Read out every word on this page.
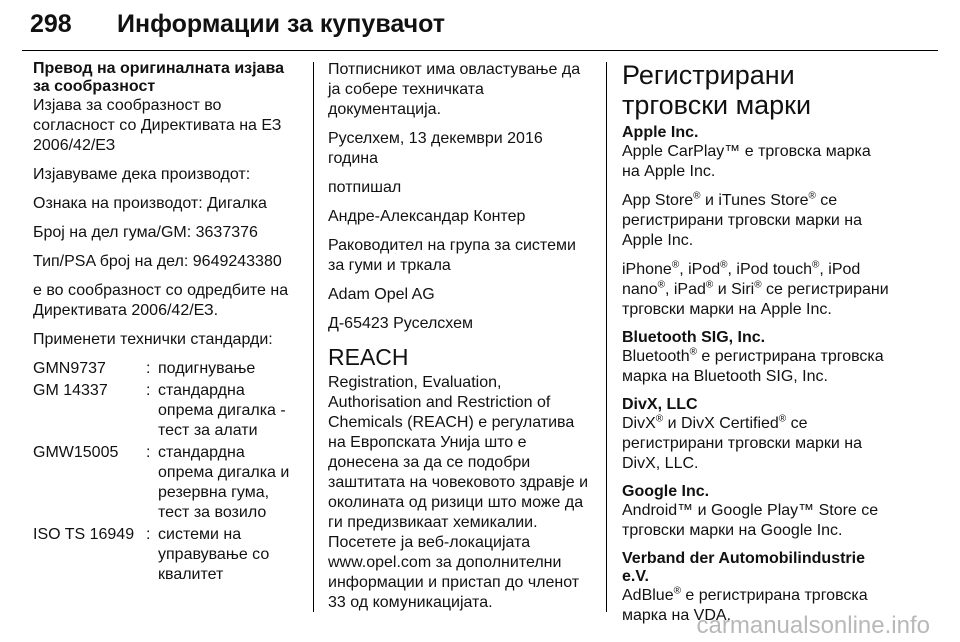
298 Информации за купувачот
Превод на оригиналната изјава за сообразност

Изјава за сообразност во согласност со Директивата на ЕЗ 2006/42/ЕЗ

Изјавуваме дека производот:

Ознака на производот: Дигалка

Број на дел гума/GM: 3637376

Тип/PSA број на дел: 9649243380

е во сообразност со одредбите на Директивата 2006/42/ЕЗ.

Применети технички стандарди:

GMN9737	: подигнување
GM 14337	: стандардна опрема дигалка - тест за алати
GMW15005	: стандардна опрема дигалка и резервна гума, тест за возило
ISO TS 16949 : системи на управување со квалитет

Потписникот има овластување да ја собере техничката документација.

Руселхем, 13 декември 2016 година

потпишал

Андре-Александар Контер

Раководител на група за системи за гуми и тркала

Adam Opel AG

Д-65423 Руселсхем

REACH

Registration, Evaluation, Authorisation and Restriction of Chemicals (REACH) е регулатива на Европската Унија што е донесена за да се подобри заштитата на човековото здравје и околината од ризици што може да ги предизвикаат хемикалии. Посетете ја веб-локацијата www.opel.com за дополнителни информации и пристап до членот 33 од комуникацијата.

Регистрирани трговски марки
Apple Inc.

Apple CarPlay™ е трговска марка на Apple Inc.

App Store® и iTunes Store® се регистрирани трговски марки на Apple Inc.

iPhone®, iPod®, iPod touch®, iPod nano®, iPad® и Siri® се регистрирани трговски марки на Apple Inc.

Bluetooth SIG, Inc.

Bluetooth® е регистрирана трговска марка на Bluetooth SIG, Inc.

DivX, LLC

DivX® и DivX Certified® се регистрирани трговски марки на DivX, LLC.

Google Inc.

Android™ и Google Play™ Store се трговски марки на Google Inc.

Verband der Automobilindustrie e.V.

AdBlue® е регистрирана трговска марка на VDA.

carmanualsonline.info
